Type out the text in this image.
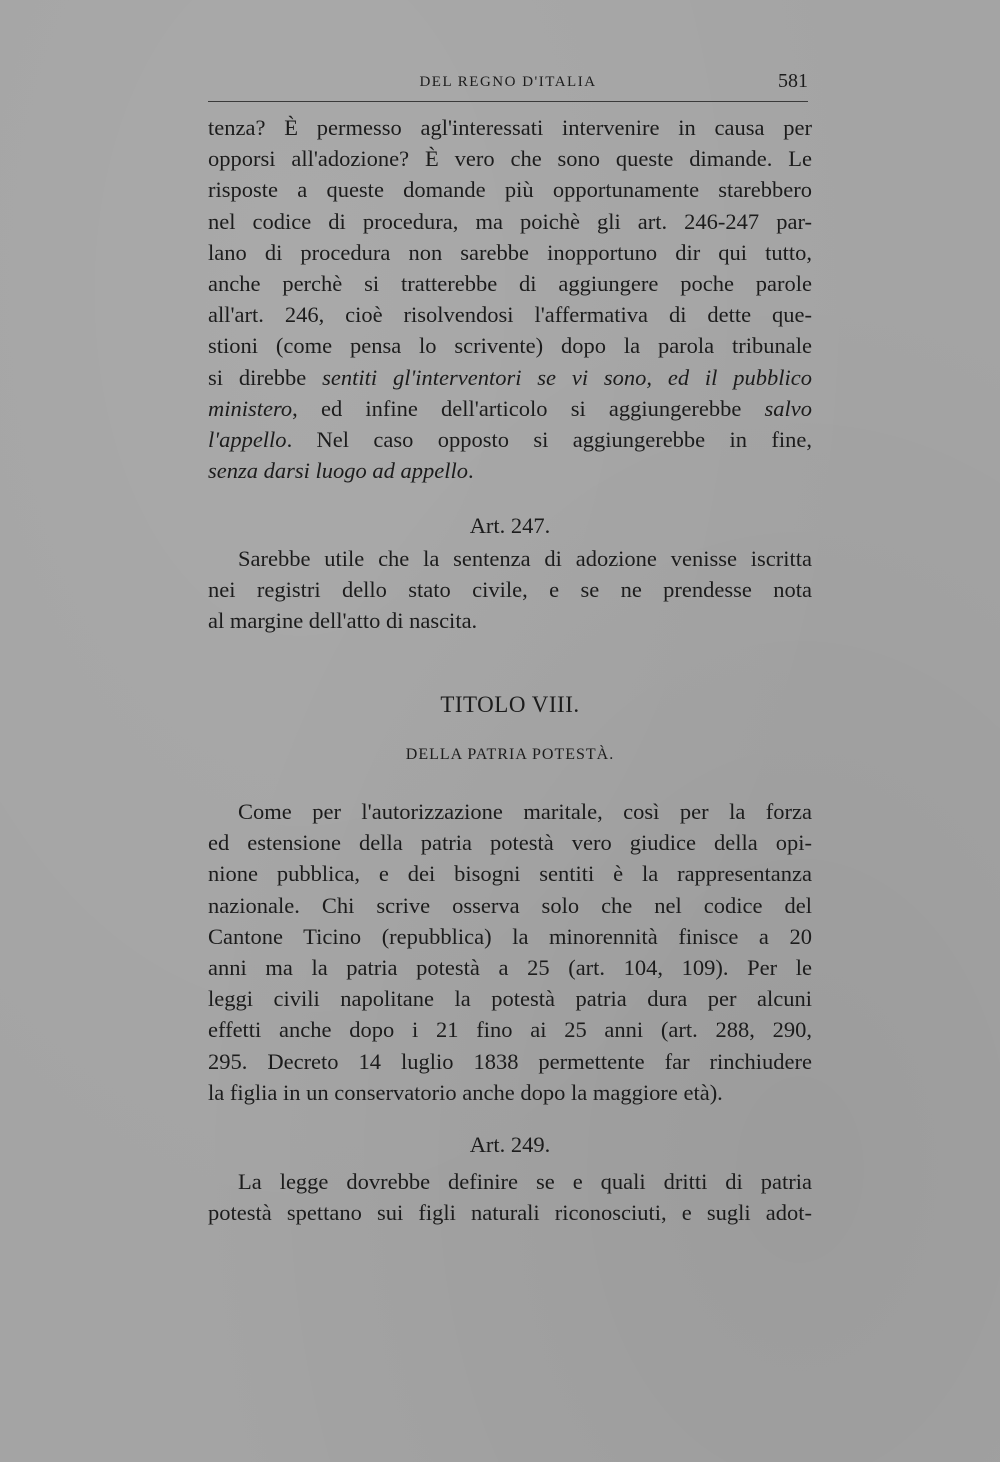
DEL REGNO D'ITALIA	581
tenza? È permesso agl'interessati intervenire in causa per
opporsi all'adozione? È vero che sono queste dimande. Le
risposte a queste domande più opportunamente starebbero
nel codice di procedura, ma poichè gli art. 246-247 par-
lano di procedura non sarebbe inopportuno dir qui tutto,
anche perchè si tratterebbe di aggiungere poche parole
all'art. 246, cioè risolvendosi l'affermativa di dette que-
stioni (come pensa lo scrivente) dopo la parola tribunale
si direbbe sentiti gl'interventori se vi sono, ed il pubblico
ministero, ed infine dell'articolo si aggiungerebbe salvo
l'appello. Nel caso opposto si aggiungerebbe in fine,
senza darsi luogo ad appello.
Art. 247.
Sarebbe utile che la sentenza di adozione venisse iscritta
nei registri dello stato civile, e se ne prendesse nota
al margine dell'atto di nascita.
TITOLO VIII.
DELLA PATRIA POTESTÀ.
Come per l'autorizzazione maritale, così per la forza
ed estensione della patria potestà vero giudice della opi-
nione pubblica, e dei bisogni sentiti è la rappresentanza
nazionale. Chi scrive osserva solo che nel codice del
Cantone Ticino (repubblica) la minorennità finisce a 20
anni ma la patria potestà a 25 (art. 104, 109). Per le
leggi civili napolitane la potestà patria dura per alcuni
effetti anche dopo i 21 fino ai 25 anni (art. 288, 290,
295. Decreto 14 luglio 1838 permettente far rinchiudere
la figlia in un conservatorio anche dopo la maggiore età).
Art. 249.
La legge dovrebbe definire se e quali dritti di patria
potestà spettano sui figli naturali riconosciuti, e sugli adot-
